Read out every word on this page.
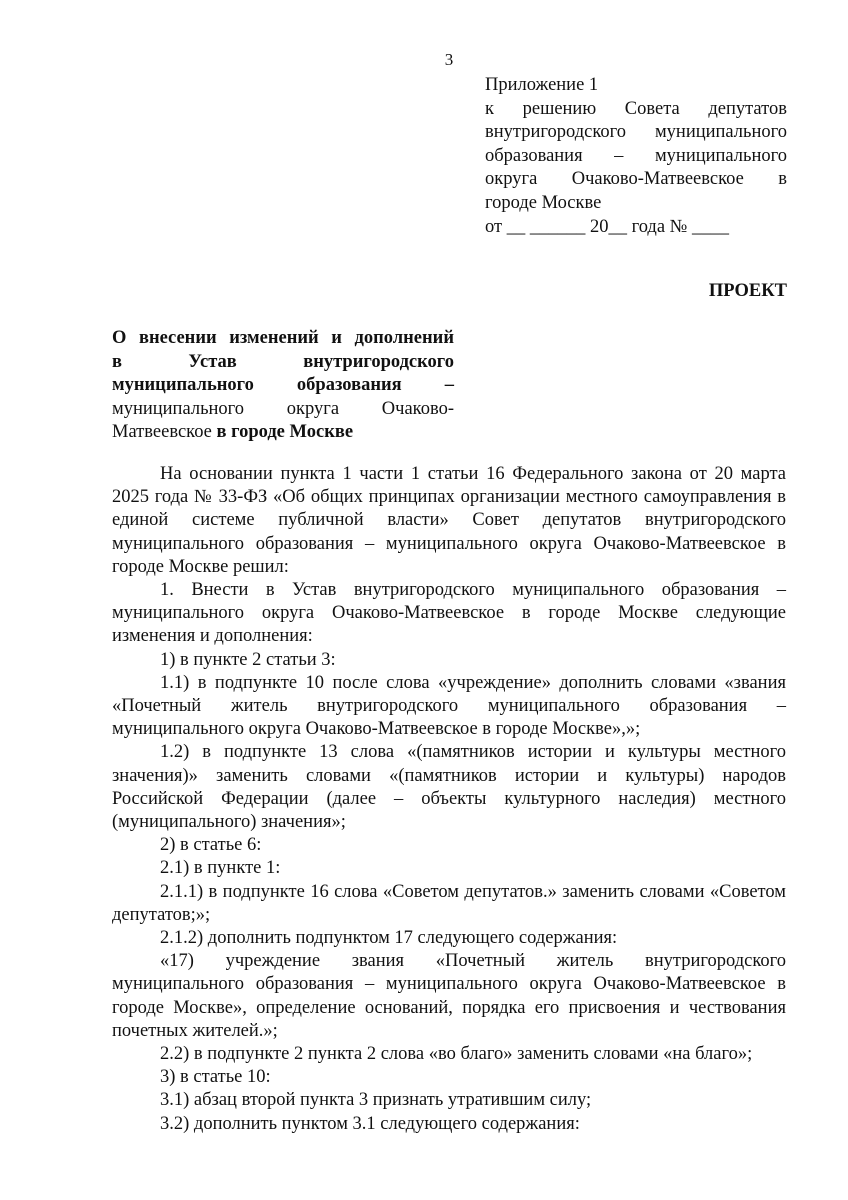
3
Приложение 1
к решению Совета депутатов
внутригородского муниципального
образования – муниципального
округа Очаково-Матвеевское в
городе Москве
от __ ______ 20__ года № ____
ПРОЕКТ
О внесении изменений и дополнений
в Устав внутригородского
муниципального образования –
муниципального округа Очаково-
Матвеевское в городе Москве

На основании пункта 1 части 1 статьи 16 Федерального закона от 20 марта 2025 года № 33-ФЗ «Об общих принципах организации местного самоуправления в единой системе публичной власти» Совет депутатов внутригородского муниципального образования – муниципального округа Очаково-Матвеевское в городе Москве решил:

1. Внести в Устав внутригородского муниципального образования – муниципального округа Очаково-Матвеевское в городе Москве следующие изменения и дополнения:

1) в пункте 2 статьи 3:

1.1) в подпункте 10 после слова «учреждение» дополнить словами «звания «Почетный житель внутригородского муниципального образования – муниципального округа Очаково-Матвеевское в городе Москве»,»;

1.2) в подпункте 13 слова «(памятников истории и культуры местного значения)» заменить словами «(памятников истории и культуры) народов Российской Федерации (далее – объекты культурного наследия) местного (муниципального) значения»;

2) в статье 6:

2.1) в пункте 1:

2.1.1) в подпункте 16 слова «Советом депутатов.» заменить словами «Советом депутатов;»;

2.1.2) дополнить подпунктом 17 следующего содержания:

«17) учреждение звания «Почетный житель внутригородского муниципального образования – муниципального округа Очаково-Матвеевское в городе Москве», определение оснований, порядка его присвоения и чествования почетных жителей.»;

2.2) в подпункте 2 пункта 2 слова «во благо» заменить словами «на благо»;

3) в статье 10:

3.1) абзац второй пункта 3 признать утратившим силу;

3.2) дополнить пунктом 3.1 следующего содержания:
